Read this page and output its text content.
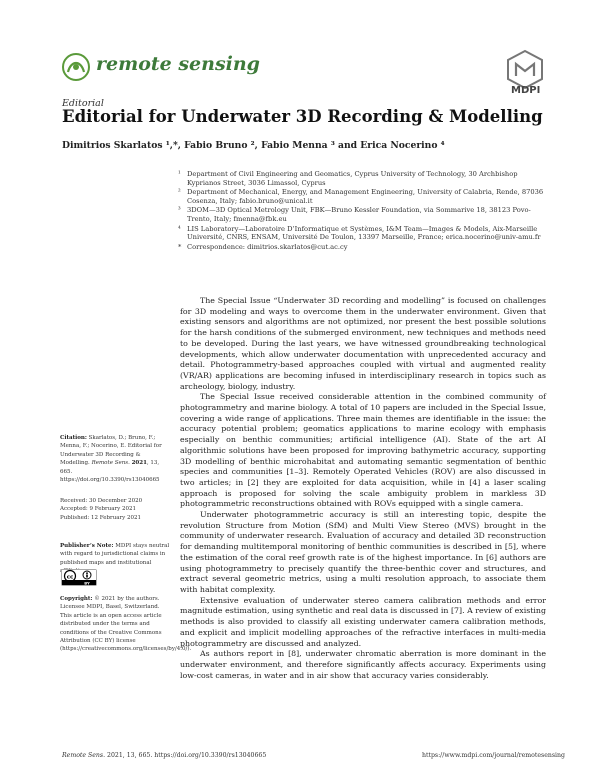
remote sensing
MDPI
Editorial
Editorial for Underwater 3D Recording & Modelling
Dimitrios Skarlatos ¹,*, Fabio Bruno ², Fabio Menna ³ and Erica Nocerino ⁴
¹ Department of Civil Engineering and Geomatics, Cyprus University of Technology, 30 Archbishop Kyprianos Street, 3036 Limassol, Cyprus
² Department of Mechanical, Energy, and Management Engineering, University of Calabria, Rende, 87036 Cosenza, Italy; fabio.bruno@unical.it
³ 3DOM—3D Optical Metrology Unit, FBK—Bruno Kessler Foundation, via Sommarive 18, 38123 Povo-Trento, Italy; fmenna@fbk.eu
⁴ LIS Laboratory—Laboratoire D’Informatique et Systèmes, I&M Team—Images & Models, Aix-Marseille Université, CNRS, ENSAM, Université De Toulon, 13397 Marseille, France; erica.nocerino@univ-amu.fr
* Correspondence: dimitrios.skarlatos@cut.ac.cy

The Special Issue “Underwater 3D recording and modelling” is focused on challenges for 3D modeling and ways to overcome them in the underwater environment. Given that existing sensors and algorithms are not optimized, nor present the best possible solutions for the harsh conditions of the submerged environment, new techniques and methods need to be developed. During the last years, we have witnessed groundbreaking technological developments, which allow underwater documentation with unprecedented accuracy and detail. Photogrammetry-based approaches coupled with virtual and augmented reality (VR/AR) applications are becoming infused in interdisciplinary research in topics such as archeology, biology, industry.

The Special Issue received considerable attention in the combined community of photogrammetry and marine biology. A total of 10 papers are included in the Special Issue, covering a wide range of applications. Three main themes are identifiable in the issue: the accuracy potential problem; geomatics applications to marine ecology with emphasis especially on benthic communities; artificial intelligence (AI). State of the art AI algorithmic solutions have been proposed for improving bathymetric accuracy, supporting 3D modelling of benthic microhabitat and automating semantic segmentation of benthic species and communities [1–3]. Remotely Operated Vehicles (ROV) are also discussed in two articles; in [2] they are exploited for data acquisition, while in [4] a laser scaling approach is proposed for solving the scale ambiguity problem in markless 3D photogrammetric reconstructions obtained with ROVs equipped with a single camera.

Underwater photogrammetric accuracy is still an interesting topic, despite the revolution Structure from Motion (SfM) and Multi View Stereo (MVS) brought in the community of underwater research. Evaluation of accuracy and detailed 3D reconstruction for demanding multitemporal monitoring of benthic communities is described in [5], where the estimation of the coral reef growth rate is of the highest importance. In [6] authors are using photogrammetry to precisely quantify the three-benthic cover and structures, and extract several geometric metrics, using a multi resolution approach, to associate them with habitat complexity.

Extensive evaluation of underwater stereo camera calibration methods and error magnitude estimation, using synthetic and real data is discussed in [7]. A review of existing methods is also provided to classify all existing underwater camera calibration methods, and explicit and implicit modelling approaches of the refractive interfaces in multi-media photogrammetry are discussed and analyzed.

As authors report in [8], underwater chromatic aberration is more dominant in the underwater environment, and therefore significantly affects accuracy. Experiments using low-cost cameras, in water and in air show that accuracy varies considerably.

Citation: Skarlatos, D.; Bruno, F.; Menna, F.; Nocerino, E. Editorial for Underwater 3D Recording & Modelling. Remote Sens. 2021, 13, 665. https://doi.org/10.3390/rs13040665
Received: 30 December 2020
Accepted: 9 February 2021
Published: 12 February 2021
Publisher’s Note: MDPI stays neutral with regard to jurisdictional claims in published maps and institutional
cc
BY
Copyright: © 2021 by the authors. Licensee MDPI, Basel, Switzerland. This article is an open access article distributed under the terms and conditions of the Creative Commons Attribution (CC BY) license (https://creativecommons.org/licenses/by/4.0/).
Remote Sens. 2021, 13, 665. https://doi.org/10.3390/rs13040665	https://www.mdpi.com/journal/remotesensing
